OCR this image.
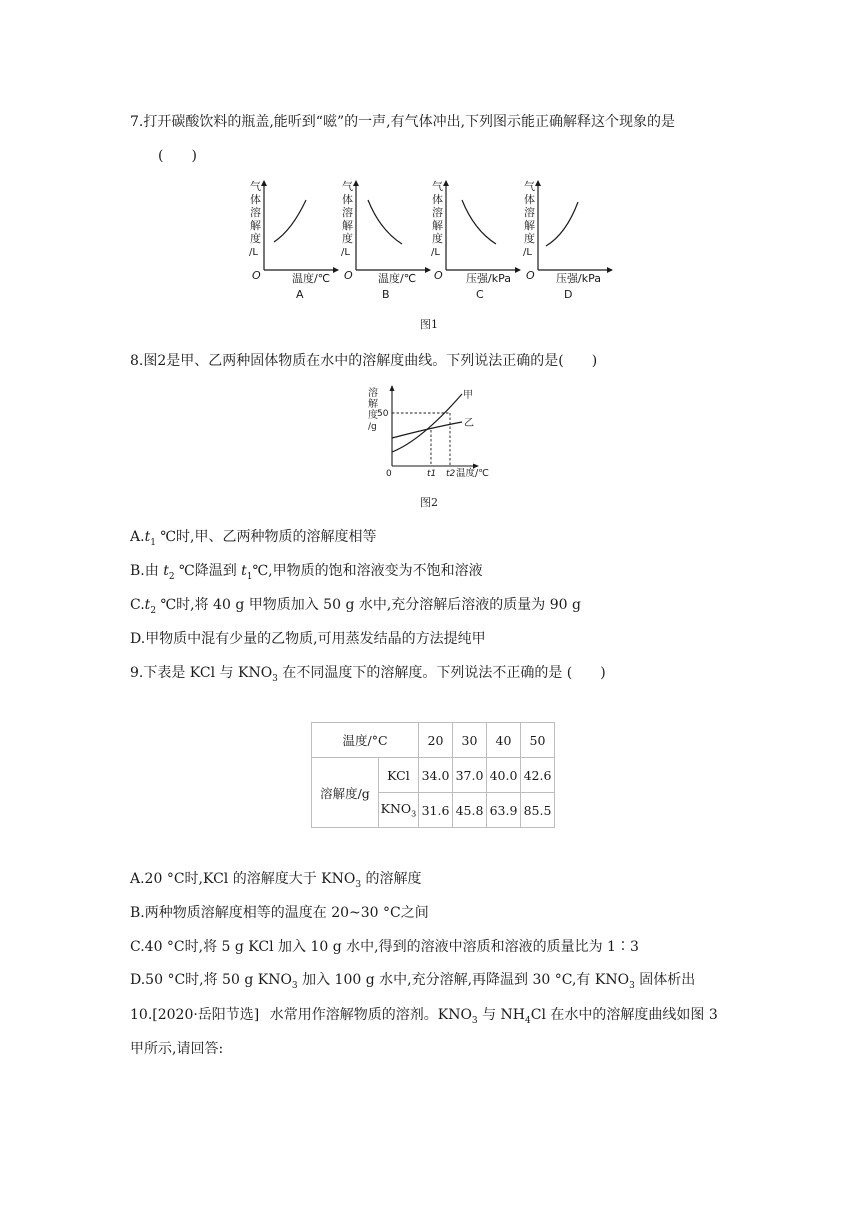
7.打开碳酸饮料的瓶盖,能听到“嗞”的一声,有气体冲出,下列图示能正确解释这个现象的是
(　　)
气
体
溶
解
度
/L
O	温度/℃
A
气
体
溶
解
度
/L
O 温度/℃
B
气
体
溶
解
度
/L
O 压强/kPa
C
气
体
溶
解
度
/L
O 压强/kPa
D
图1
8.图2是甲、乙两种固体物质在水中的溶解度曲线。下列说法正确的是(　　)
溶
解
度
/g
50
0	t1 t2 温度/℃
甲
乙
图2
$A.t_1$ ℃时,甲、乙两种物质的溶解度相等
B.由 $t_2$ ℃降温到 $t_1℃$,甲物质的饱和溶液变为不饱和溶液
$C.t_2$ ℃时,将 40 g 甲物质加入 50 g 水中,充分溶解后溶液的质量为 90 g
D.甲物质中混有少量的乙物质,可用蒸发结晶的方法提纯甲
9.下表是 KCl 与 $KNO_3$ 在不同温度下的溶解度。下列说法不正确的是 (　　)
温度/°C		20	30	40	50
溶解度/g	KCl	34.0	37.0	40.0	42.6
	$KNO_3$	31.6	45.8	63.9	85.5
A.20 °C时,KCl 的溶解度大于 $KNO_3$ 的溶解度
B.两种物质溶解度相等的温度在 20~30 °C之间
C.40 °C时,将 5 g KCl 加入 10 g 水中,得到的溶液中溶质和溶液的质量比为 1∶3
D.50 °C时,将 50 g $KNO_3$ 加入 100 g 水中,充分溶解,再降温到 30 °C,有 $KNO_3$ 固体析出
10.[2020·岳阳节选] 水常用作溶解物质的溶剂。$KNO_3$ 与 $NH_4Cl$ 在水中的溶解度曲线如图 3
甲所示,请回答:
